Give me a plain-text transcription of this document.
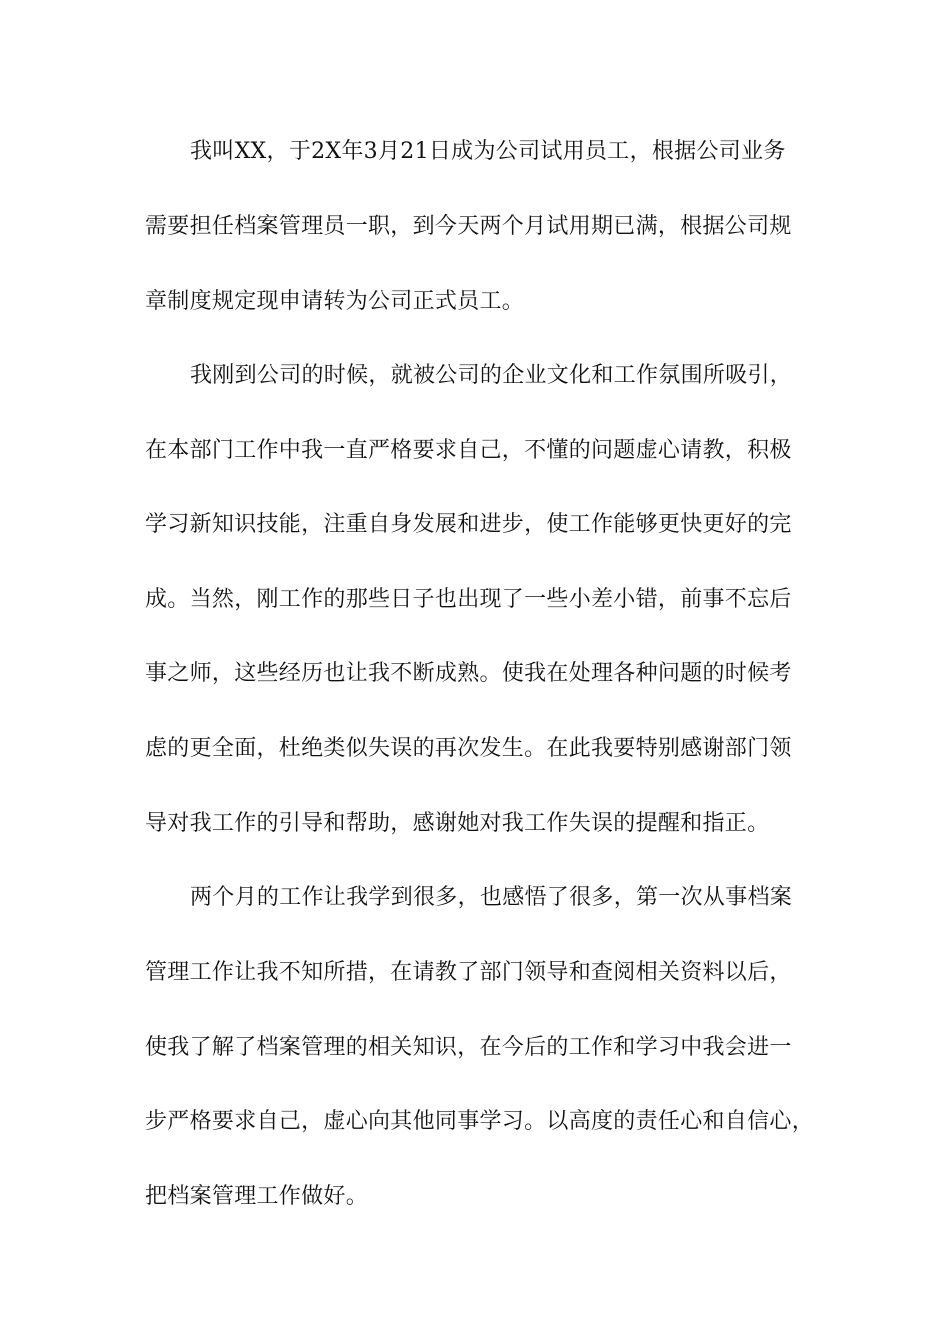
我叫XX，于2X年3月21日成为公司试用员工，根据公司业务
需要担任档案管理员一职，到今天两个月试用期已满，根据公司规
章制度规定现申请转为公司正式员工。
我刚到公司的时候，就被公司的企业文化和工作氛围所吸引，
在本部门工作中我一直严格要求自己，不懂的问题虚心请教，积极
学习新知识技能，注重自身发展和进步，使工作能够更快更好的完
成。当然，刚工作的那些日子也出现了一些小差小错，前事不忘后
事之师，这些经历也让我不断成熟。使我在处理各种问题的时候考
虑的更全面，杜绝类似失误的再次发生。在此我要特别感谢部门领
导对我工作的引导和帮助，感谢她对我工作失误的提醒和指正。
两个月的工作让我学到很多，也感悟了很多，第一次从事档案
管理工作让我不知所措，在请教了部门领导和查阅相关资料以后，
使我了解了档案管理的相关知识，在今后的工作和学习中我会进一
步严格要求自己，虚心向其他同事学习。以高度的责任心和自信心，
把档案管理工作做好。
